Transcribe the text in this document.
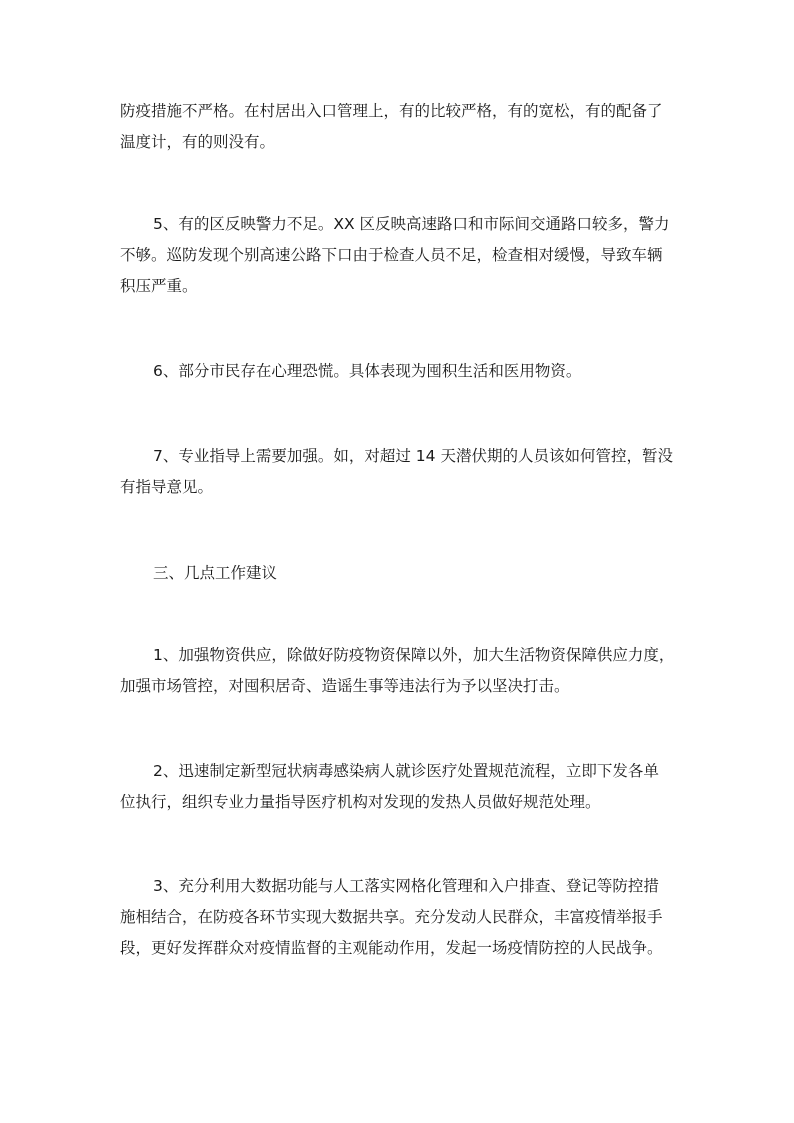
防疫措施不严格。在村居出入口管理上，有的比较严格，有的宽松，有的配备了
温度计，有的则没有。

5、有的区反映警力不足。XX 区反映高速路口和市际间交通路口较多，警力
不够。巡防发现个别高速公路下口由于检查人员不足，检查相对缓慢，导致车辆
积压严重。

6、部分市民存在心理恐慌。具体表现为囤积生活和医用物资。

7、专业指导上需要加强。如，对超过 14 天潜伏期的人员该如何管控，暂没
有指导意见。

三、几点工作建议

1、加强物资供应，除做好防疫物资保障以外，加大生活物资保障供应力度，
加强市场管控，对囤积居奇、造谣生事等违法行为予以坚决打击。

2、迅速制定新型冠状病毒感染病人就诊医疗处置规范流程，立即下发各单
位执行，组织专业力量指导医疗机构对发现的发热人员做好规范处理。

3、充分利用大数据功能与人工落实网格化管理和入户排查、登记等防控措
施相结合，在防疫各环节实现大数据共享。充分发动人民群众，丰富疫情举报手
段，更好发挥群众对疫情监督的主观能动作用，发起一场疫情防控的人民战争。
